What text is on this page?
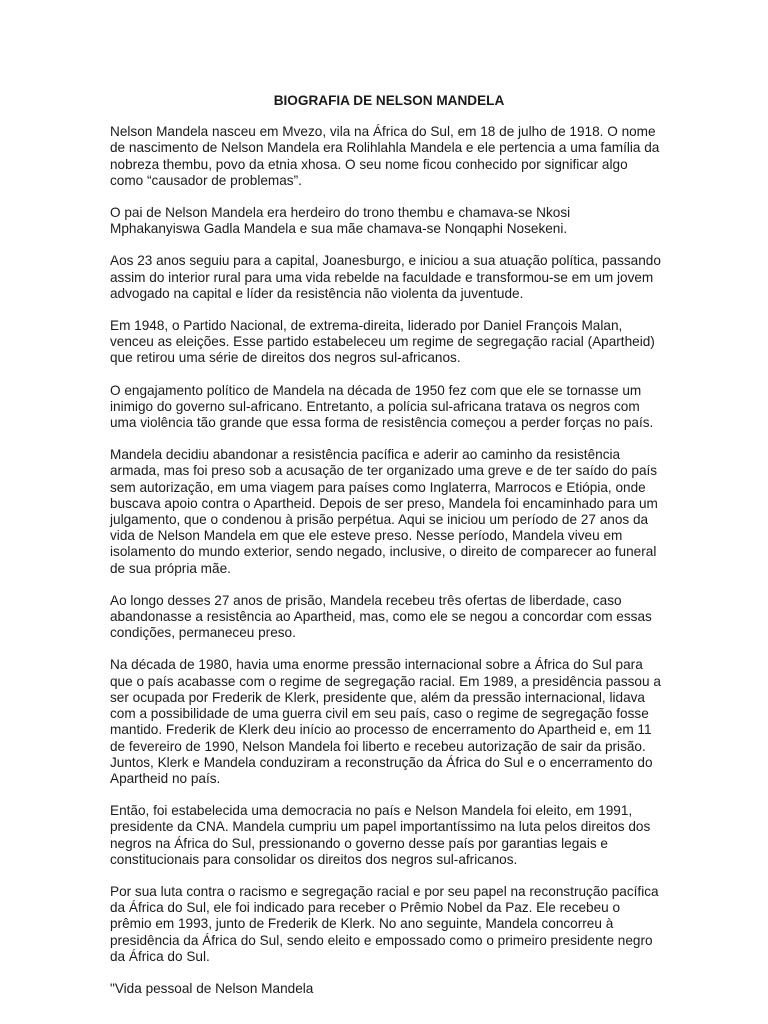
BIOGRAFIA DE NELSON MANDELA
Nelson Mandela nasceu em Mvezo, vila na África do Sul, em 18 de julho de 1918. O nome de nascimento de Nelson Mandela era Rolihlahla Mandela e ele pertencia a uma família da nobreza thembu, povo da etnia xhosa. O seu nome ficou conhecido por significar algo como “causador de problemas”.
O pai de Nelson Mandela era herdeiro do trono thembu e chamava-se Nkosi Mphakanyiswa Gadla Mandela e sua mãe chamava-se Nonqaphi Nosekeni.
Aos 23 anos seguiu para a capital, Joanesburgo, e iniciou a sua atuação política, passando assim do interior rural para uma vida rebelde na faculdade e transformou-se em um jovem advogado na capital e líder da resistência não violenta da juventude.
Em 1948, o Partido Nacional, de extrema-direita, liderado por Daniel François Malan, venceu as eleições. Esse partido estabeleceu um regime de segregação racial (Apartheid) que retirou uma série de direitos dos negros sul-africanos.
O engajamento político de Mandela na década de 1950 fez com que ele se tornasse um inimigo do governo sul-africano. Entretanto, a polícia sul-africana tratava os negros com uma violência tão grande que essa forma de resistência começou a perder forças no país.
Mandela decidiu abandonar a resistência pacífica e aderir ao caminho da resistência armada, mas foi preso sob a acusação de ter organizado uma greve e de ter saído do país sem autorização, em uma viagem para países como Inglaterra, Marrocos e Etiópia, onde buscava apoio contra o Apartheid. Depois de ser preso, Mandela foi encaminhado para um julgamento, que o condenou à prisão perpétua. Aqui se iniciou um período de 27 anos da vida de Nelson Mandela em que ele esteve preso. Nesse período, Mandela viveu em isolamento do mundo exterior, sendo negado, inclusive, o direito de comparecer ao funeral de sua própria mãe.
Ao longo desses 27 anos de prisão, Mandela recebeu três ofertas de liberdade, caso abandonasse a resistência ao Apartheid, mas, como ele se negou a concordar com essas condições, permaneceu preso.
Na década de 1980, havia uma enorme pressão internacional sobre a África do Sul para que o país acabasse com o regime de segregação racial. Em 1989, a presidência passou a ser ocupada por Frederik de Klerk, presidente que, além da pressão internacional, lidava com a possibilidade de uma guerra civil em seu país, caso o regime de segregação fosse mantido. Frederik de Klerk deu início ao processo de encerramento do Apartheid e, em 11 de fevereiro de 1990, Nelson Mandela foi liberto e recebeu autorização de sair da prisão. Juntos, Klerk e Mandela conduziram a reconstrução da África do Sul e o encerramento do Apartheid no país.
Então, foi estabelecida uma democracia no país e Nelson Mandela foi eleito, em 1991, presidente da CNA. Mandela cumpriu um papel importantíssimo na luta pelos direitos dos negros na África do Sul, pressionando o governo desse país por garantias legais e constitucionais para consolidar os direitos dos negros sul-africanos.
Por sua luta contra o racismo e segregação racial e por seu papel na reconstrução pacífica da África do Sul, ele foi indicado para receber o Prêmio Nobel da Paz. Ele recebeu o prêmio em 1993, junto de Frederik de Klerk. No ano seguinte, Mandela concorreu à presidência da África do Sul, sendo eleito e empossado como o primeiro presidente negro da África do Sul.
"Vida pessoal de Nelson Mandela
